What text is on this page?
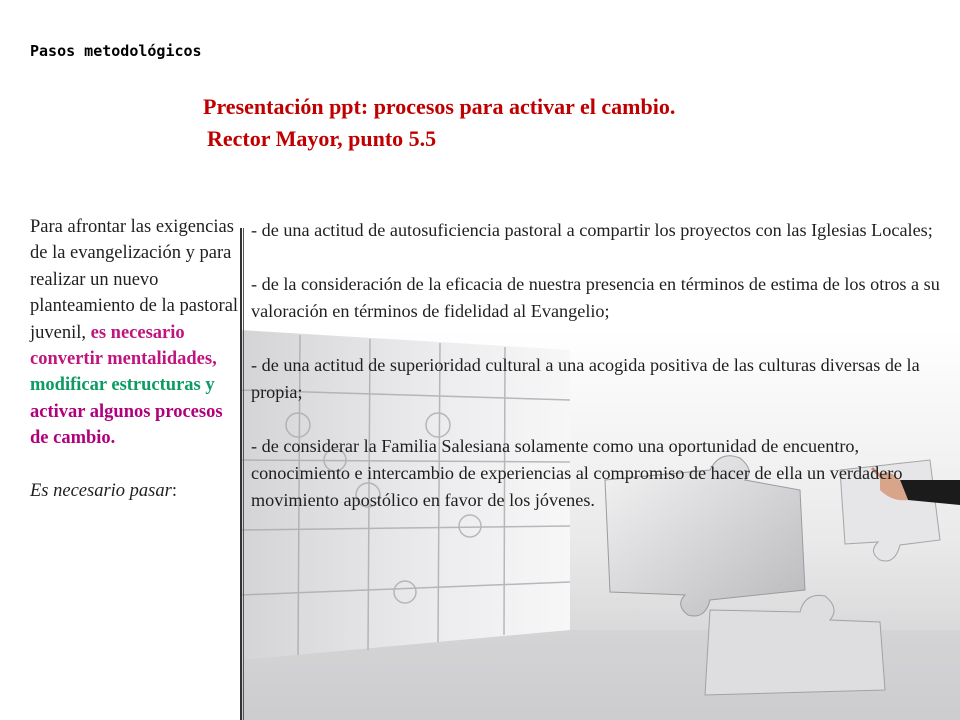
Pasos metodológicos
Presentación ppt: procesos para activar el cambio.
Rector Mayor, punto 5.5
Para afrontar las exigencias de la evangelización y para realizar un nuevo planteamiento de la pastoral juvenil, es necesario convertir mentalidades, modificar estructuras y activar algunos procesos de cambio.
Es necesario pasar:

- de una actitud de autosuficiencia pastoral a compartir los proyectos con las Iglesias Locales;

- de la consideración de la eficacia de nuestra presencia en términos de estima de los otros a su valoración en términos de fidelidad al Evangelio;

- de una actitud de superioridad cultural a una acogida positiva de las culturas diversas de la propia;

- de considerar la Familia Salesiana solamente como una oportunidad de encuentro, conocimiento e intercambio de experiencias al compromiso de hacer de ella un verdadero movimiento apostólico en favor de los jóvenes.
